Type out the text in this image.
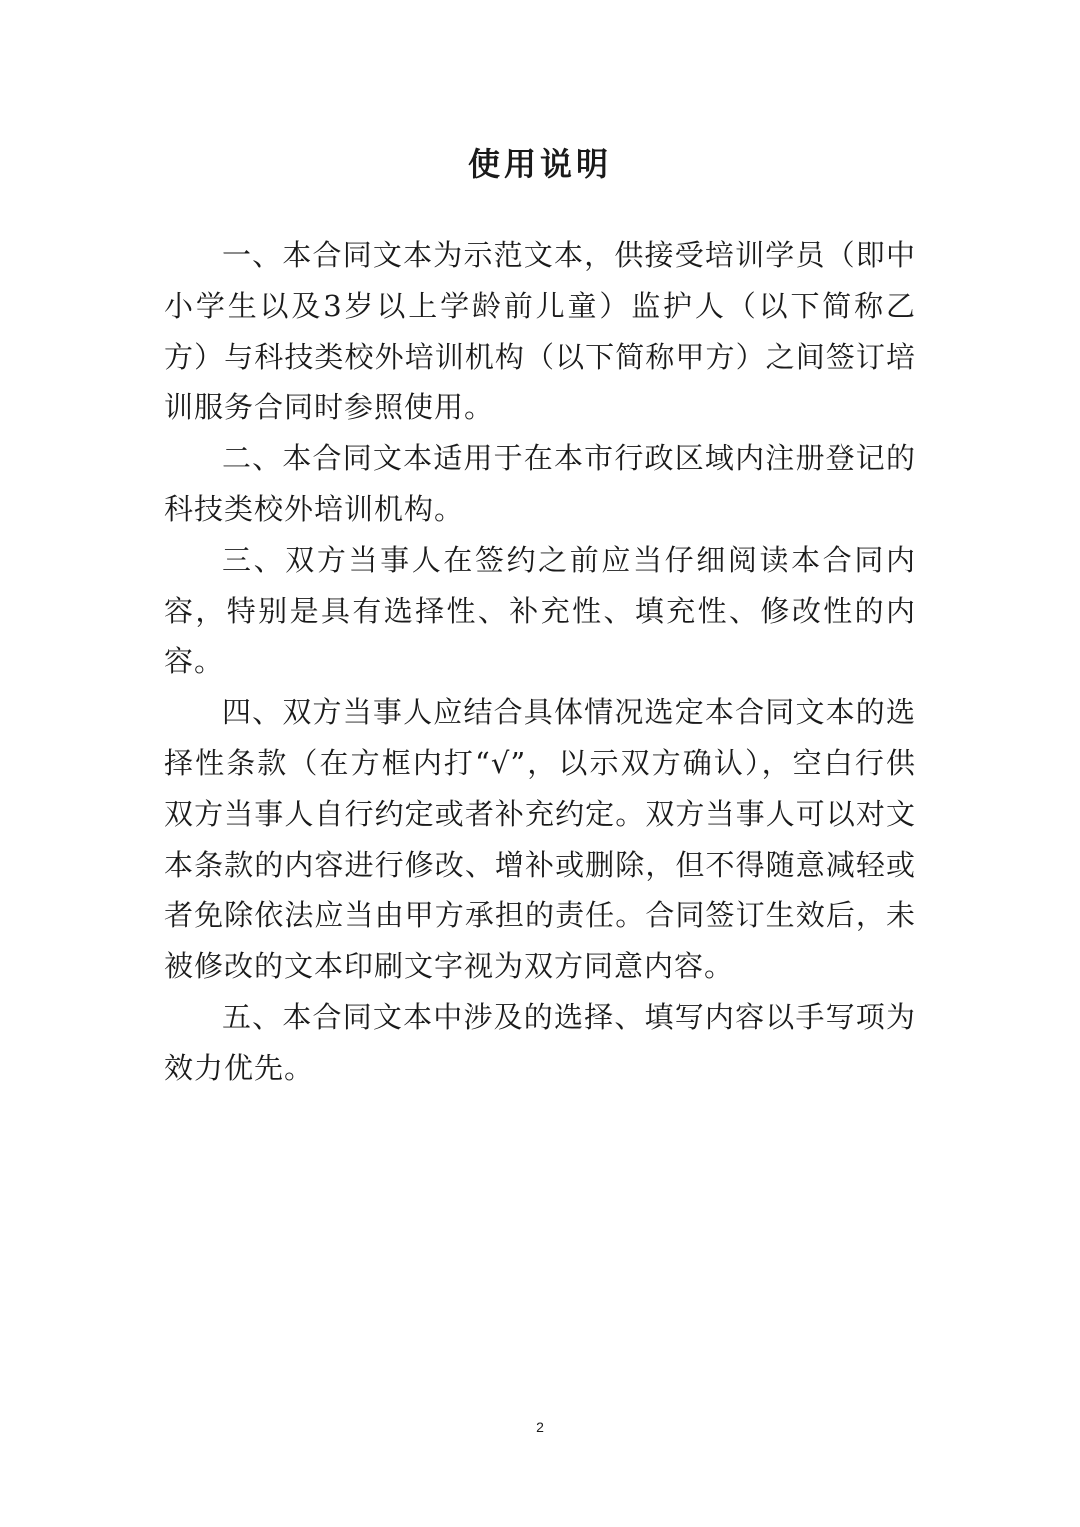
使用说明

一、本合同文本为示范文本，供接受培训学员（即中小学生以及3岁以上学龄前儿童）监护人（以下简称乙方）与科技类校外培训机构（以下简称甲方）之间签订培训服务合同时参照使用。

二、本合同文本适用于在本市行政区域内注册登记的科技类校外培训机构。

三、双方当事人在签约之前应当仔细阅读本合同内容，特别是具有选择性、补充性、填充性、修改性的内容。

四、双方当事人应结合具体情况选定本合同文本的选择性条款（在方框内打“√”，以示双方确认），空白行供双方当事人自行约定或者补充约定。双方当事人可以对文本条款的内容进行修改、增补或删除，但不得随意减轻或者免除依法应当由甲方承担的责任。合同签订生效后，未被修改的文本印刷文字视为双方同意内容。

五、本合同文本中涉及的选择、填写内容以手写项为效力优先。

2
